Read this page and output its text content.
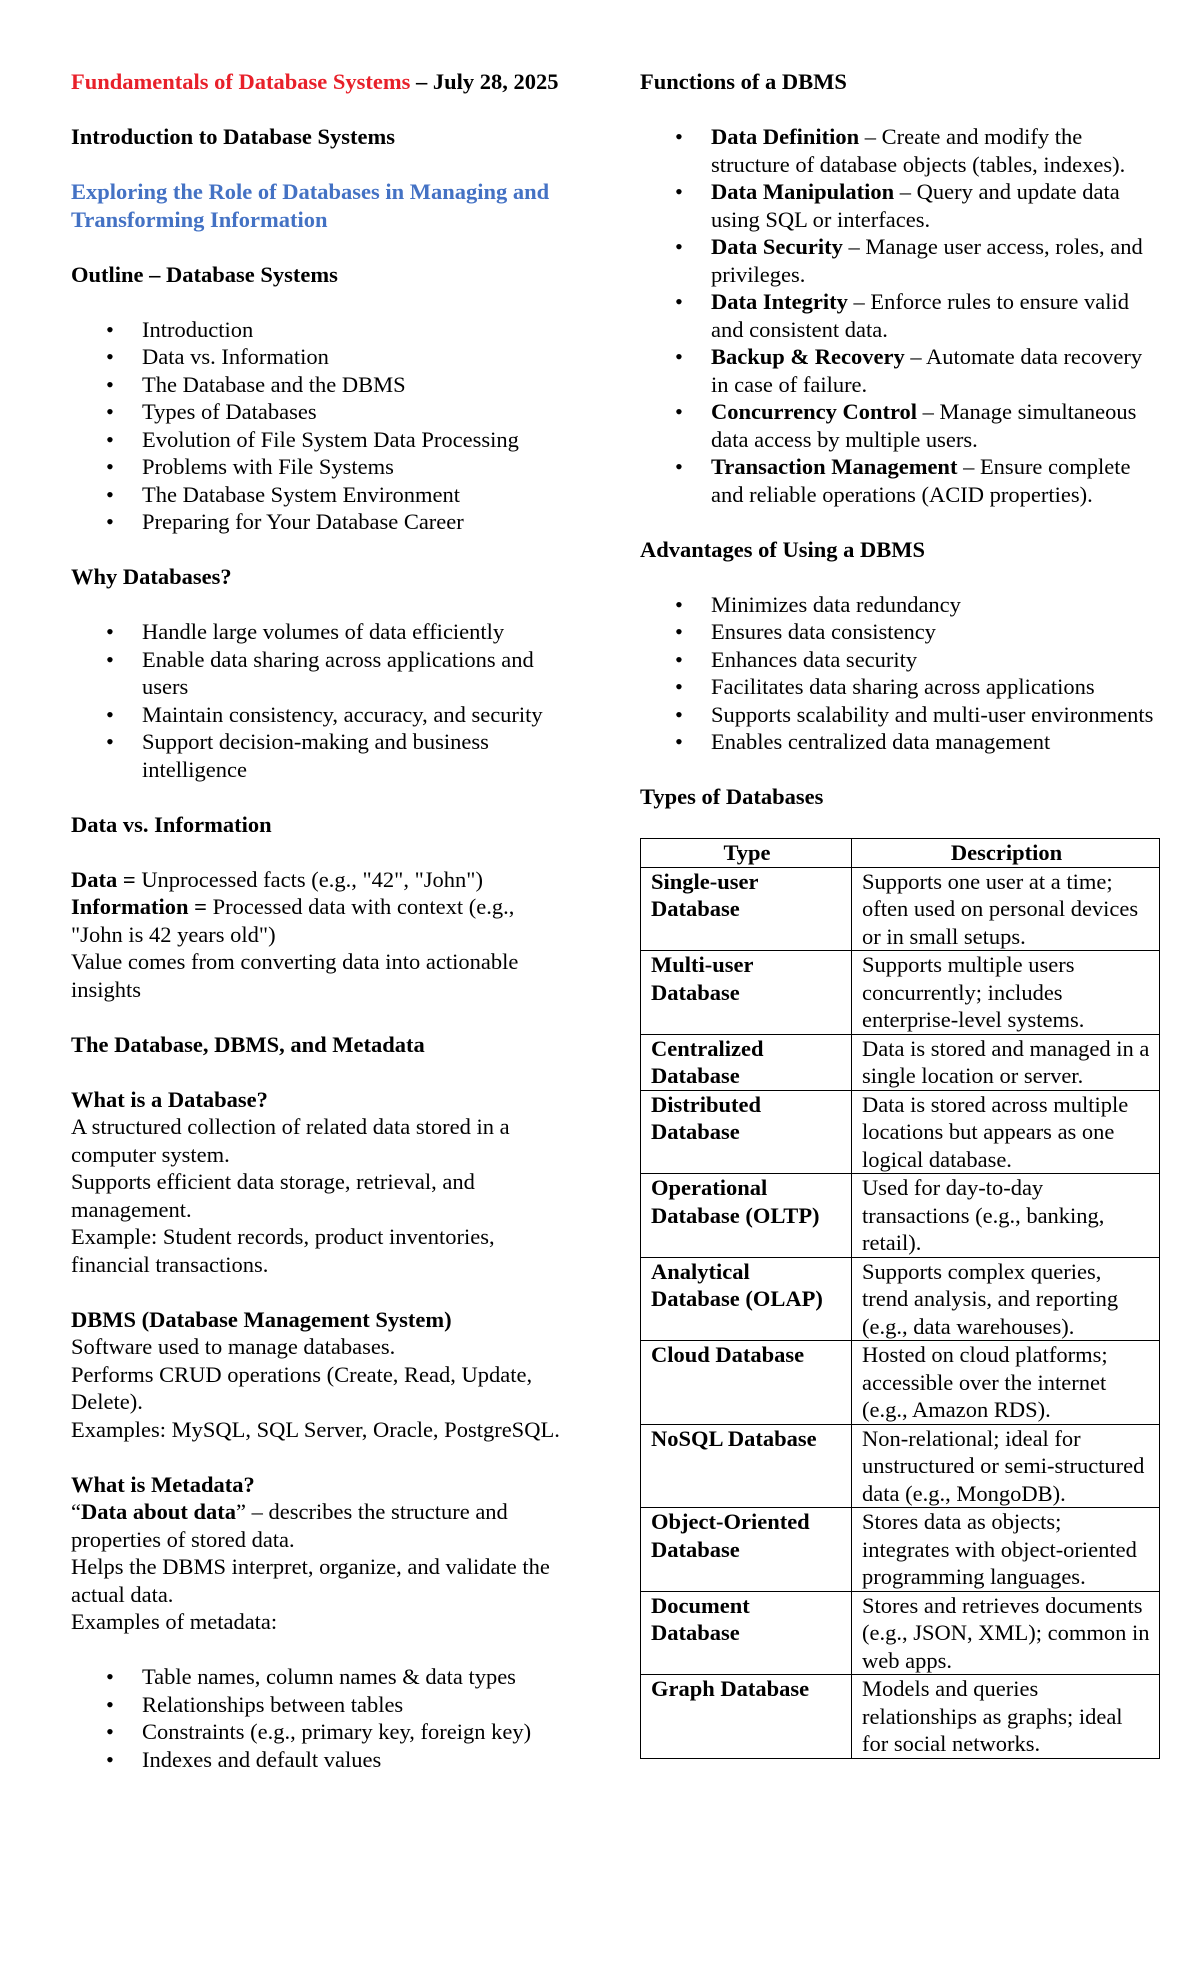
Fundamentals of Database Systems – July 28, 2025

Introduction to Database Systems

Exploring the Role of Databases in Managing and Transforming Information

Outline – Database Systems

• Introduction
• Data vs. Information
• The Database and the DBMS
• Types of Databases
• Evolution of File System Data Processing
• Problems with File Systems
• The Database System Environment
• Preparing for Your Database Career

Why Databases?

• Handle large volumes of data efficiently
• Enable data sharing across applications and users
• Maintain consistency, accuracy, and security
• Support decision-making and business intelligence

Data vs. Information

Data = Unprocessed facts (e.g., "42", "John")

Information = Processed data with context (e.g., "John is 42 years old")

Value comes from converting data into actionable insights

The Database, DBMS, and Metadata

What is a Database?

A structured collection of related data stored in a computer system.

Supports efficient data storage, retrieval, and management.

Example: Student records, product inventories, financial transactions.

DBMS (Database Management System)

Software used to manage databases.

Performs CRUD operations (Create, Read, Update, Delete).

Examples: MySQL, SQL Server, Oracle, PostgreSQL.

What is Metadata?

“Data about data” – describes the structure and properties of stored data.

Helps the DBMS interpret, organize, and validate the actual data.

Examples of metadata:

• Table names, column names & data types
• Relationships between tables
• Constraints (e.g., primary key, foreign key)
• Indexes and default values

Functions of a DBMS

• Data Definition – Create and modify the structure of database objects (tables, indexes).
• Data Manipulation – Query and update data using SQL or interfaces.
• Data Security – Manage user access, roles, and privileges.
• Data Integrity – Enforce rules to ensure valid and consistent data.
• Backup & Recovery – Automate data recovery in case of failure.
• Concurrency Control – Manage simultaneous data access by multiple users.
• Transaction Management – Ensure complete and reliable operations (ACID properties).

Advantages of Using a DBMS

• Minimizes data redundancy
• Ensures data consistency
• Enhances data security
• Facilitates data sharing across applications
• Supports scalability and multi-user environments
• Enables centralized data management

Types of Databases

Type	Description
Single-user Database	Supports one user at a time; often used on personal devices or in small setups.
Multi-user Database	Supports multiple users concurrently; includes enterprise-level systems.
Centralized Database	Data is stored and managed in a single location or server.
Distributed Database	Data is stored across multiple locations but appears as one logical database.
Operational Database (OLTP)	Used for day-to-day transactions (e.g., banking, retail).
Analytical Database (OLAP)	Supports complex queries, trend analysis, and reporting (e.g., data warehouses).
Cloud Database	Hosted on cloud platforms; accessible over the internet (e.g., Amazon RDS).
NoSQL Database	Non-relational; ideal for unstructured or semi-structured data (e.g., MongoDB).
Object-Oriented Database	Stores data as objects; integrates with object-oriented programming languages.
Document Database	Stores and retrieves documents (e.g., JSON, XML); common in web apps.
Graph Database	Models and queries relationships as graphs; ideal for social networks.
